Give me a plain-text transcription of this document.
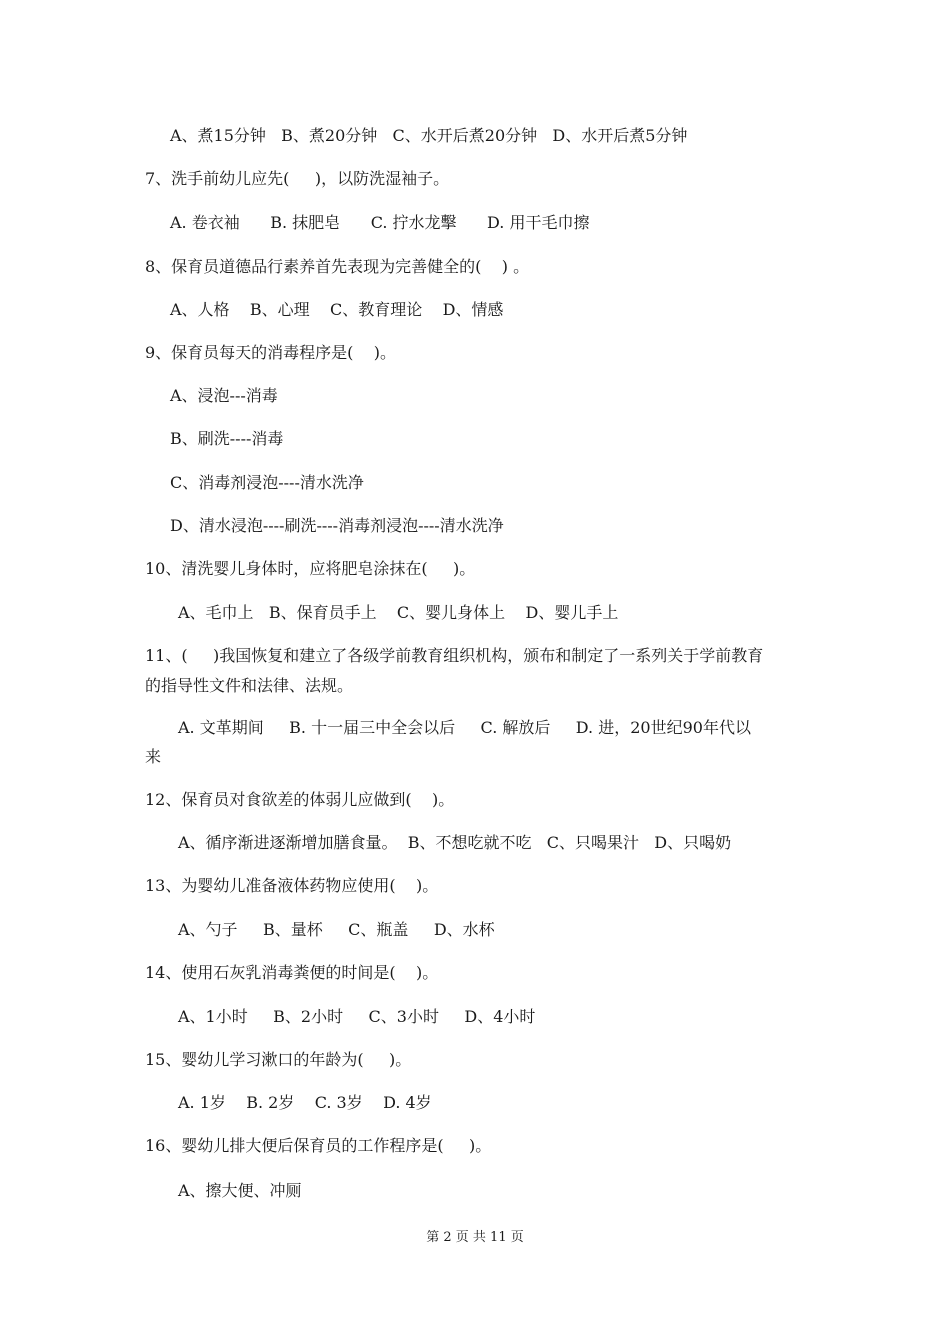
A、煮15分钟   B、煮20分钟   C、水开后煮20分钟   D、水开后煮5分钟
7、洗手前幼儿应先(     )，以防洗湿袖子。
A. 卷衣袖      B. 抹肥皂      C. 拧水龙擊      D. 用干毛巾擦
8、保育员道德品行素养首先表现为完善健全的(    ) 。
A、人格    B、心理    C、教育理论    D、情感
9、保育员每天的消毒程序是(    )。
A、浸泡---消毒
B、刷洗----消毒
C、消毒剂浸泡----清水洗净
D、清水浸泡----刷洗----消毒剂浸泡----清水洗净
10、清洗婴儿身体时，应将肥皂涂抹在(     )。
A、毛巾上   B、保育员手上    C、婴儿身体上    D、婴儿手上
11、(     )我国恢复和建立了各级学前教育组织机构，颁布和制定了一系列关于学前教育
的指导性文件和法律、法规。
A. 文革期间     B. 十一届三中全会以后     C. 解放后     D. 进，20世纪90年代以
来
12、保育员对食欲差的体弱儿应做到(    )。
A、循序渐进逐渐增加膳食量。  B、不想吃就不吃   C、只喝果汁   D、只喝奶
13、为婴幼儿准备液体药物应使用(    )。
A、勺子     B、量杯     C、瓶盖     D、水杯
14、使用石灰乳消毒粪便的时间是(    )。
A、1小时     B、2小时     C、3小时     D、4小时
15、婴幼儿学习漱口的年龄为(     )。
A. 1岁    B. 2岁    C. 3岁    D. 4岁
16、婴幼儿排大便后保育员的工作程序是(     )。
A、擦大便、冲厕
第 2 页 共 11 页
